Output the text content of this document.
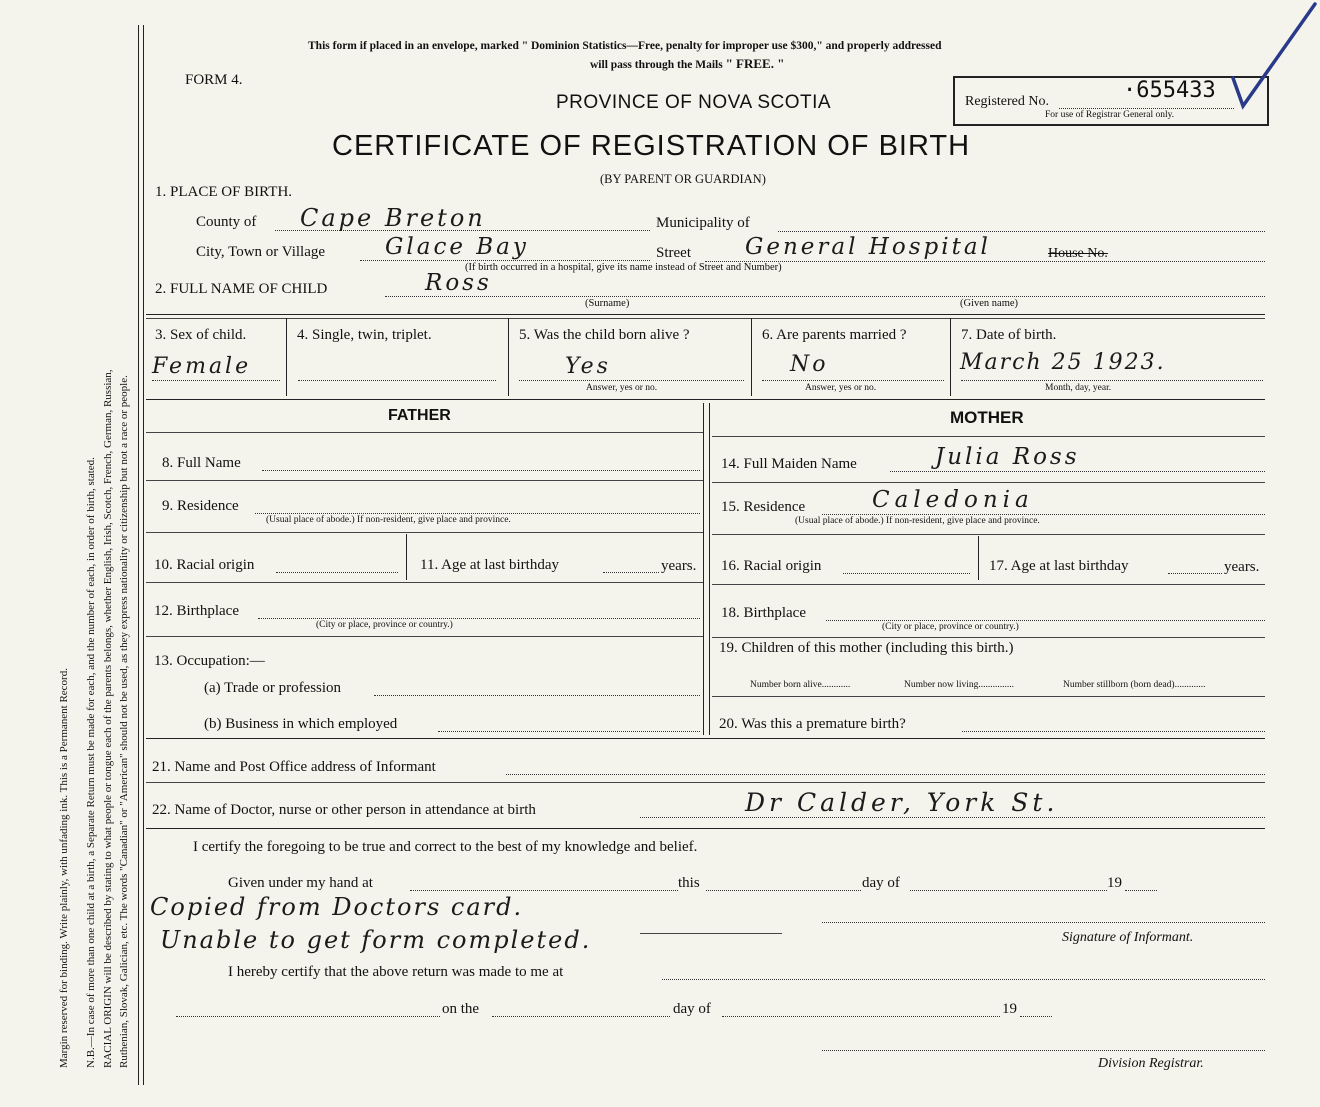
Margin reserved for binding. Write plainly, with unfading ink. This is a Permanent Record. N.B.—In case of more than one child at a birth, a Separate Return must be made for each, and the number of each, in order of birth, stated. RACIAL ORIGIN will be described by stating to what people or tongue each of the parents belongs, whether English, Irish, Scotch, French, German, Russian, Ruthenian, Slovak, Galician, etc. The words "Canadian" or "American" should not be used, as they express nationality or citizenship but not a race or people.
This form if placed in an envelope, marked " Dominion Statistics—Free, penalty for improper use $300," and properly addressed
will pass through the Mails " FREE. "
FORM 4.
PROVINCE OF NOVA SCOTIA
CERTIFICATE OF REGISTRATION OF BIRTH
(BY PARENT OR GUARDIAN)
Registered No.	·655433
For use of Registrar General only.
1. PLACE OF BIRTH.
County of Cape Breton	Municipality of
City, Town or Village	Glace Bay	Street General Hospital	House No.
(If birth occurred in a hospital, give its name instead of Street and Number)
2. FULL NAME OF CHILD	Ross
(Surname)	(Given name)
3. Sex of child.
Female
4. Single, twin, triplet.	5. Was the child born alive ?
Yes
Answer, yes or no.
6. Are parents married ?
No
Answer, yes or no.
7. Date of birth.
March 25 1923.
Month, day, year.
FATHER	MOTHER
8. Full Name
9. Residence
(Usual place of abode.) If non-resident, give place and province.
10. Racial origin	11. Age at last birthday	years.
12. Birthplace
(City or place, province or country.)
13. Occupation:—
(a) Trade or profession
(b) Business in which employed
14. Full Maiden Name	Julia Ross
15. Residence	Caledonia
(Usual place of abode.) If non-resident, give place and province.
16. Racial origin	17. Age at last birthday	years.
18. Birthplace
(City or place, province or country.)
19. Children of this mother (including this birth.)
Number born alive............	Number now living...............	Number stillborn (born dead).............
20. Was this a premature birth?
21. Name and Post Office address of Informant
22. Name of Doctor, nurse or other person in attendance at birth	Dr Calder, York St.
I certify the foregoing to be true and correct to the best of my knowledge and belief.
Given under my hand at	this	day of	19
Copied from Doctors card.
Unable to get form completed.	Signature of Informant.
I hereby certify that the above return was made to me at
on the	day of	19
Division Registrar.
